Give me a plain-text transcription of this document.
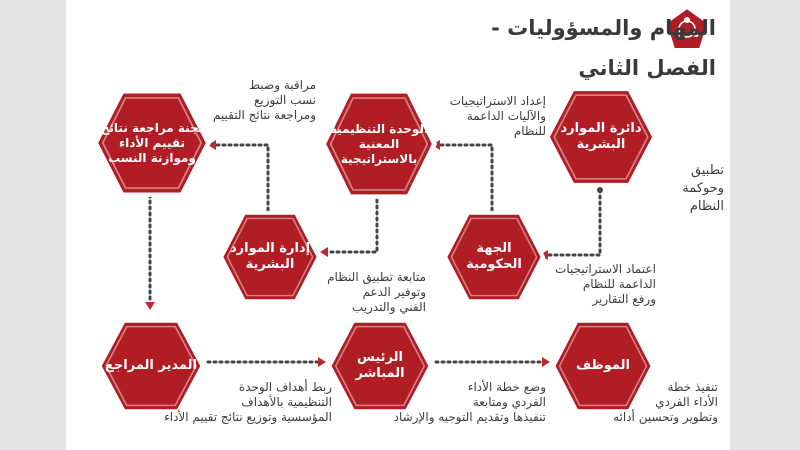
المهام والمسؤوليات - الفصل الثاني
دائرة الموارد البشرية
الوحدة التنظيمية المعنية بالاستراتيجية
لجنة مراجعة نتائج تقييم الأداء وموازنة النسب
الجهة الحكومية
إدارة الموارد البشرية
المدير المراجع
الرئيس المباشر
الموظف
تطبيق
وحوكمة
النظام
إعداد الاستراتيجيات
والآليات الداعمة
للنظام
مراقبة وضبط
نسب التوزيع
ومراجعة نتائج التقييم
اعتماد الاستراتيجيات
الداعمة للنظام
ورفع التقارير
متابعة تطبيق النظام
وتوفير الدعم
الفني والتدريب
ربط أهداف الوحدة
التنظيمية بالأهداف
المؤسسية وتوزيع نتائج تقييم الأداء
وضع خطة الأداء
الفردي ومتابعة
تنفيذها وتقديم التوجيه والإرشاد
تنفيذ خطة
الأداء الفردي
وتطوير وتحسين أدائه
